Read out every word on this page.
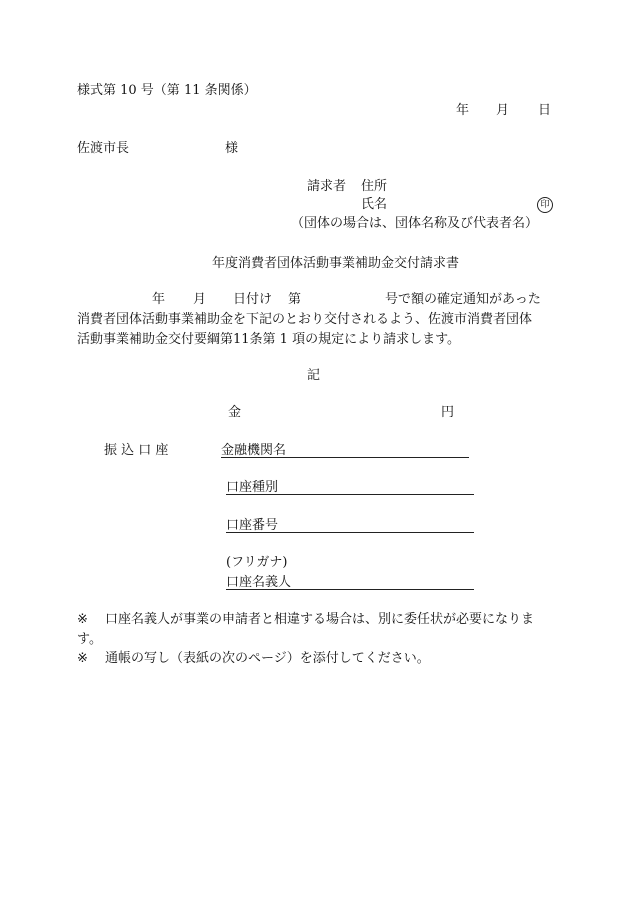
様式第 10 号（第 11 条関係）
年 月 日
佐渡市長	様
請求者 住所
氏名	印
（団体の場合は、団体名称及び代表者名）
年度消費者団体活動事業補助金交付請求書
年 月 日付け 第	号で額の確定通知があった
消費者団体活動事業補助金を下記のとおり交付されるよう、佐渡市消費者団体
活動事業補助金交付要綱第11条第 1 項の規定により請求します。
記
金	円
振 込 口 座	金融機関名
口座種別
口座番号
(フリガナ)
口座名義人
※ 口座名義人が事業の申請者と相違する場合は、別に委任状が必要になりま
す。
※ 通帳の写し（表紙の次のページ）を添付してください。
